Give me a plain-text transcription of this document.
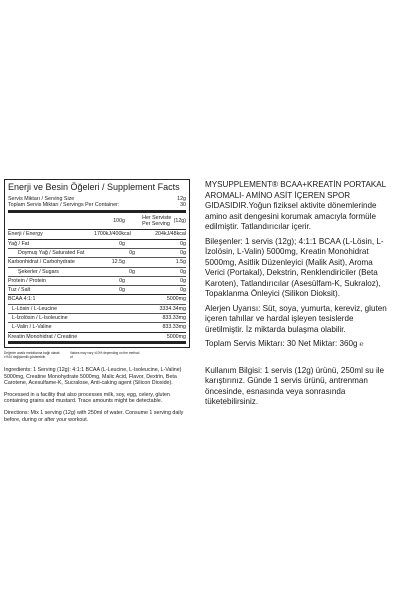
Enerji ve Besin Öğeleri / Supplement Facts
Servis Miktarı / Serving Size	12g
Toplam Servis Miktarı / Servings Per Container:	30
100g	Her Serviste Per Serving (12g)
Enerji / Energy	1700kJ/400kcal	204kJ/48kcal
Yağ / Fat	0g	0g
Doymuş Yağ / Saturated Fat	0g	0g
Karbonhidrat / Carbohydrate	12.5g	1.5g
Şekerler / Sugars	0g	0g
Protein / Protein	0g	0g
Tuz / Salt	0g	0g
BCAA 4:1:1	5000mg
L-Lösin / L-Leucine	3334.34mg
L-İzolösin / L-Isoleucine	833.33mg
L-Valin / L-Valine	833.33mg
Kreatin Monohidrat / Creatine	5000mg
Değerler analiz metotlarına bağlı olarak ±%10 değişkenlik gösterebilir.
Values may vary ±10% depending on the method of

Ingredients: 1 Serving (12g): 4:1:1 BCAA (L-Leucine, L-Isoleucine, L-Valine) 5000mg, Creatine Monohydrate 5000mg, Malic Acid, Flavor, Dextrin, Beta Carotene, Acesulfame-K, Sucralose, Anti-caking agent (Silicon Dioxide).

Processed in a facility that also processes milk, soy, egg, celery, gluten containing grains and mustard. Trace amounts might be detectable.

Directions: Mix 1 serving (12g) with 250ml of water. Consume 1 serving daily before, during or after your workout.

MYSUPPLEMENT® BCAA+KREATİN PORTAKAL AROMALI- AMİNO ASİT İÇEREN SPOR GIDASIDIR.Yoğun fiziksel aktivite dönemlerinde amino asit dengesini korumak amacıyla formüle edilmiştir. Tatlandırıcılar içerir.

Bileşenler: 1 servis (12g); 4:1:1 BCAA (L-Lösin, L-İzolösin, L-Valin) 5000mg, Kreatin Monohidrat 5000mg, Asitlik Düzenleyici (Malik Asit), Aroma Verici (Portakal), Dekstrin, Renklendiriciler (Beta Karoten), Tatlandırıcılar (Asesülfam-K, Sukraloz), Topaklanma Önleyici (Silikon Dioksit).

Alerjen Uyarısı: Süt, soya, yumurta, kereviz, gluten içeren tahıllar ve hardal işleyen tesislerde üretilmiştir. İz miktarda bulaşma olabilir.

Toplam Servis Miktarı: 30 Net Miktar: 360g ℮

Kullanım Bilgisi: 1 servis (12g) ürünü, 250ml su ile karıştırınız. Günde 1 servis ürünü, antrenman öncesinde, esnasında veya sonrasında tüketebilirsiniz.
